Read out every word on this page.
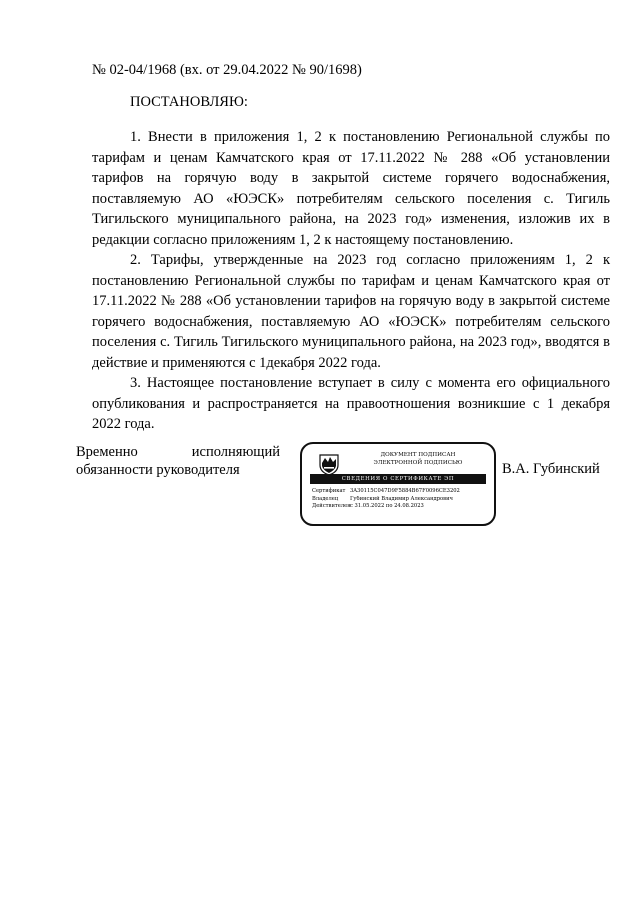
№ 02-04/1968 (вх. от 29.04.2022 № 90/1698)
ПОСТАНОВЛЯЮ:

1. Внести в приложения 1, 2 к постановлению Региональной службы по тарифам и ценам Камчатского края от 17.11.2022 № 288 «Об установлении тарифов на горячую воду в закрытой системе горячего водоснабжения, поставляемую АО «ЮЭСК» потребителям сельского поселения с. Тигиль Тигильского муниципального района, на 2023 год» изменения, изложив их в редакции согласно приложениям 1, 2 к настоящему постановлению.

2. Тарифы, утвержденные на 2023 год согласно приложениям 1, 2 к постановлению Региональной службы по тарифам и ценам Камчатского края от 17.11.2022 № 288 «Об установлении тарифов на горячую воду в закрытой системе горячего водоснабжения, поставляемую АО «ЮЭСК» потребителям сельского поселения с. Тигиль Тигильского муниципального района, на 2023 год», вводятся в действие и применяются с 1декабря 2022 года.

3. Настоящее постановление вступает в силу с момента его официального опубликования и распространяется на правоотношения возникшие с 1 декабря 2022 года.

Временно	исполняющий
обязанности руководителя
ДОКУМЕНТ ПОДПИСАН
ЭЛЕКТРОННОЙ ПОДПИСЬЮ
СВЕДЕНИЯ О СЕРТИФИКАТЕ ЭП
Сертификат 3A30115C047D9F5884B67F0096CE3202
Владелец	Губинский Владимир Александрович
Действителен с 31.05.2022 по 24.08.2023
В.А. Губинский
